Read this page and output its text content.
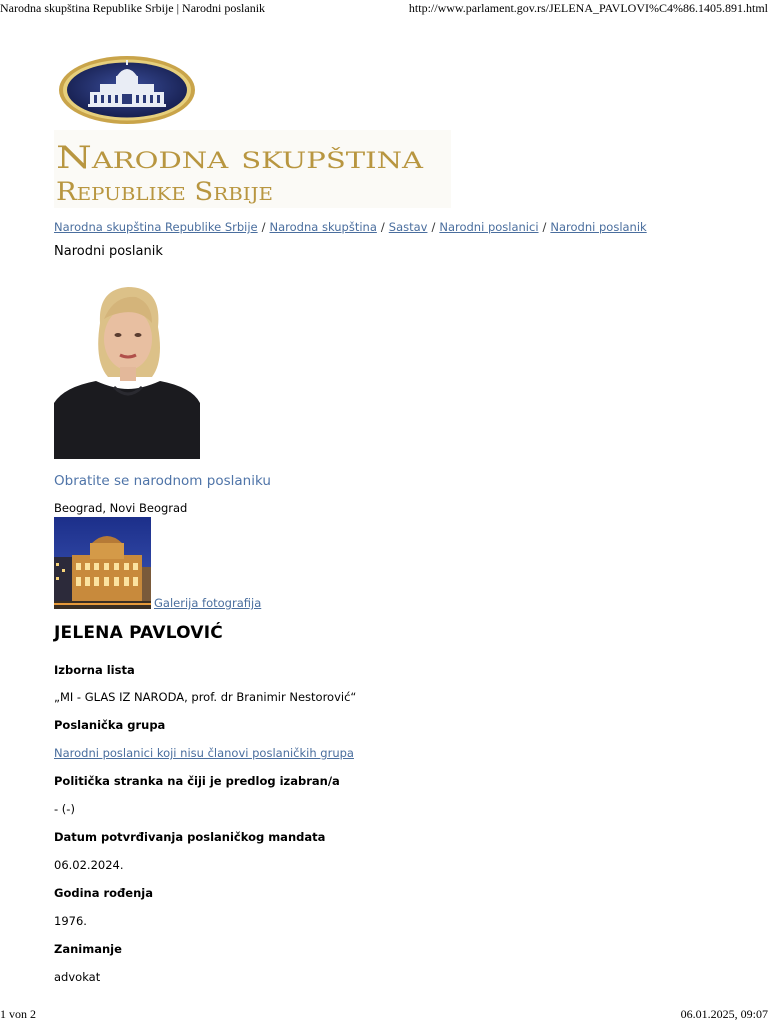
Narodna skupština Republike Srbije | Narodni poslanik	http://www.parlament.gov.rs/JELENA_PAVLOVI%C4%86.1405.891.html
Narodna skupština
Republike Srbije
Narodna skupština Republike Srbije / Narodna skupština / Sastav / Narodni poslanici / Narodni poslanik
Narodni poslanik
Obratite se narodnom poslaniku
Beograd, Novi Beograd
Galerija fotografija
JELENA PAVLOVIĆ
Izborna lista
„MI - GLAS IZ NARODA, prof. dr Branimir Nestorović“
Poslanička grupa
Narodni poslanici koji nisu članovi poslaničkih grupa
Politička stranka na čiji je predlog izabran/a
- (-)
Datum potvrđivanja poslaničkog mandata
06.02.2024.
Godina rođenja
1976.
Zanimanje
advokat
1 von 2	06.01.2025, 09:07
